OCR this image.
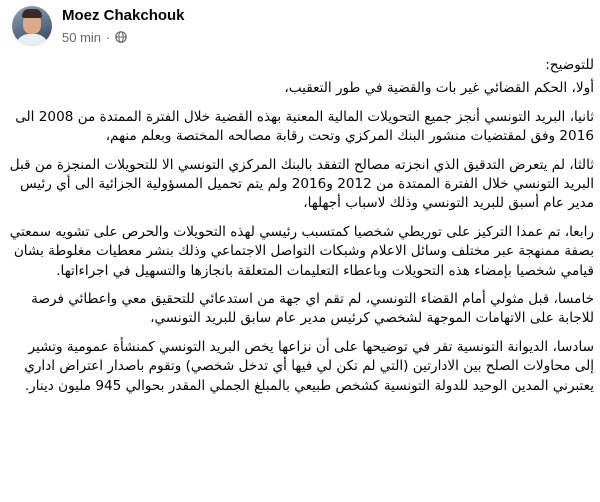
Moez Chakchouk
50 min ·

للتوضيح:

أولا، الحكم القضائي غير بات والقضية في طور التعقيب،

ثانيا، البريد التونسي أنجز جميع التحويلات المالية المعنية بهذه القضية خلال الفترة الممتدة من 2008 الى 2016 وفق لمقتضيات منشور البنك المركزي وتحت رقابة مصالحه المختصة وبعلم منهم،

ثالثا، لم يتعرض التدقيق الذي انجزته مصالح التفقد بالبنك المركزي التونسي الا للتحويلات المنجزة من قبل البريد التونسي خلال الفترة الممتدة من 2012 و2016 ولم يتم تحميل المسؤولية الجزائية الى أي رئيس مدير عام أسبق للبريد التونسي وذلك لاسباب أجهلها،

رابعا، تم عمدا التركيز على توريطي شخصيا كمتسبب رئيسي لهذه التحويلات والحرص على تشويه سمعتي بصفة ممنهجة عبر مختلف وسائل الاعلام وشبكات التواصل الاجتماعي وذلك بنشر معطيات مغلوطة بشان قيامي شخصيا بإمضاء هذه التحويلات وباعطاء التعليمات المتعلقة بانجازها والتسهيل في اجراءاتها.

خامسا، قبل مثولي أمام القضاء التونسي، لم تقم اي جهة من استدعائي للتحقيق معي واعطائي فرصة للاجابة على الاتهامات الموجهة لشخصي كرئيس مدير عام سابق للبريد التونسي،

سادسا، الديوانة التونسية تقر في توضيحها على أن نزاعها يخص البريد التونسي كمنشأة عمومية وتشير إلى محاولات الصلح بين الادارتين (التي لم تكن لي فيها أي تدخل شخصي) وتقوم باصدار اعتراض اداري يعتبرني المدين الوحيد للدولة التونسية كشخص طبيعي بالمبلغ الجملي المقدر بحوالي 945 مليون دينار.
